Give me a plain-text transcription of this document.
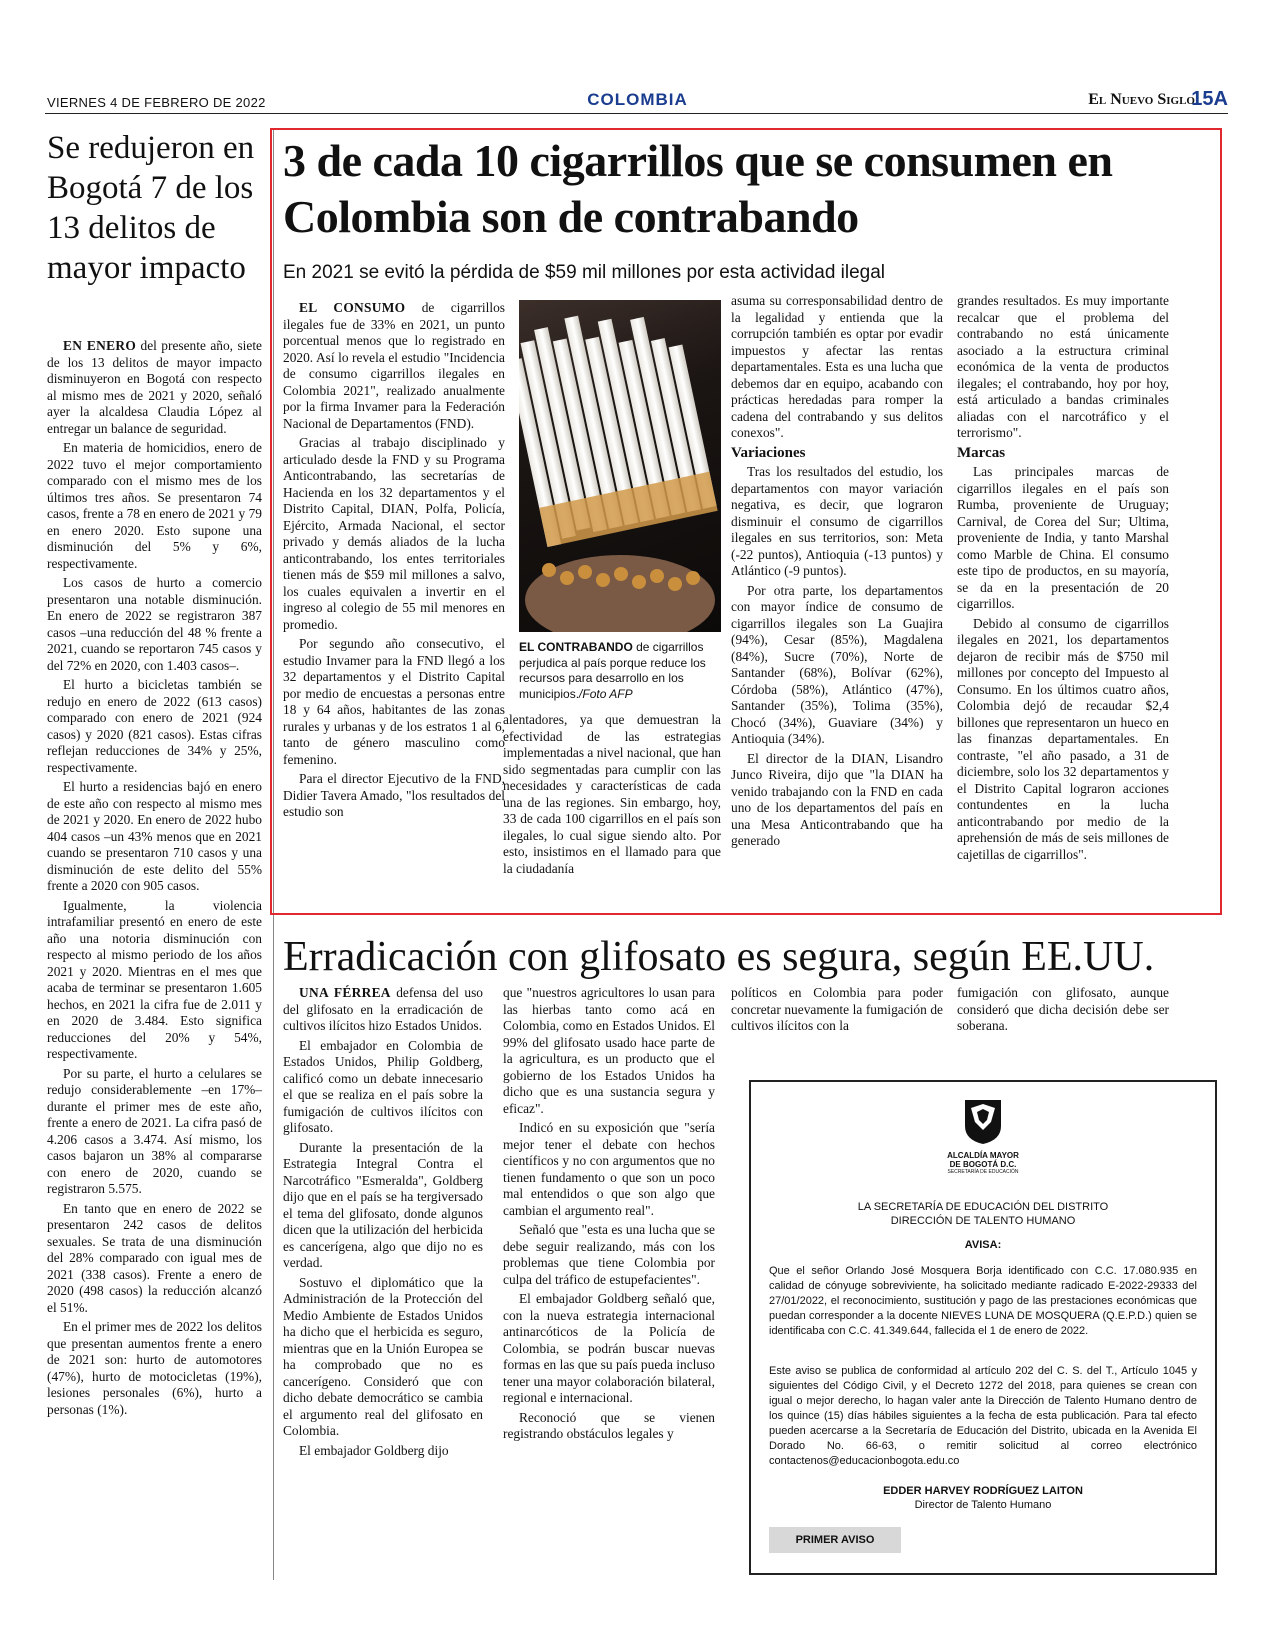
VIERNES 4 DE FEBRERO DE 2022	COLOMBIA	El Nuevo Siglo
15A
Se redujeron en Bogotá 7 de los 13 delitos de mayor impacto

EN ENERO del presente año, siete de los 13 delitos de mayor impacto disminuyeron en Bogotá con respecto al mismo mes de 2021 y 2020, señaló ayer la alcaldesa Claudia López al entregar un balance de seguridad.

En materia de homicidios, enero de 2022 tuvo el mejor comportamiento comparado con el mismo mes de los últimos tres años. Se presentaron 74 casos, frente a 78 en enero de 2021 y 79 en enero 2020. Esto supone una disminución del 5% y 6%, respectivamente.

Los casos de hurto a comercio presentaron una notable disminución. En enero de 2022 se registraron 387 casos –una reducción del 48 % frente a 2021, cuando se reportaron 745 casos y del 72% en 2020, con 1.403 casos–.

El hurto a bicicletas también se redujo en enero de 2022 (613 casos) comparado con enero de 2021 (924 casos) y 2020 (821 casos). Estas cifras reflejan reducciones de 34% y 25%, respectivamente.

El hurto a residencias bajó en enero de este año con respecto al mismo mes de 2021 y 2020. En enero de 2022 hubo 404 casos –un 43% menos que en 2021 cuando se presentaron 710 casos y una disminución de este delito del 55% frente a 2020 con 905 casos.

Igualmente, la violencia intrafamiliar presentó en enero de este año una notoria disminución con respecto al mismo periodo de los años 2021 y 2020. Mientras en el mes que acaba de terminar se presentaron 1.605 hechos, en 2021 la cifra fue de 2.011 y en 2020 de 3.484. Esto significa reducciones del 20% y 54%, respectivamente.

Por su parte, el hurto a celulares se redujo considerablemente –en 17%– durante el primer mes de este año, frente a enero de 2021. La cifra pasó de 4.206 casos a 3.474. Así mismo, los casos bajaron un 38% al compararse con enero de 2020, cuando se registraron 5.575.

En tanto que en enero de 2022 se presentaron 242 casos de delitos sexuales. Se trata de una disminución del 28% comparado con igual mes de 2021 (338 casos). Frente a enero de 2020 (498 casos) la reducción alcanzó el 51%.

En el primer mes de 2022 los delitos que presentan aumentos frente a enero de 2021 son: hurto de automotores (47%), hurto de motocicletas (19%), lesiones personales (6%), hurto a personas (1%).

3 de cada 10 cigarrillos que se consumen en Colombia son de contrabando
En 2021 se evitó la pérdida de $59 mil millones por esta actividad ilegal

EL CONSUMO de cigarrillos ilegales fue de 33% en 2021, un punto porcentual menos que lo registrado en 2020. Así lo revela el estudio "Incidencia de consumo cigarrillos ilegales en Colombia 2021", realizado anualmente por la firma Invamer para la Federación Nacional de Departamentos (FND).

Gracias al trabajo disciplinado y articulado desde la FND y su Programa Anticontrabando, las secretarías de Hacienda en los 32 departamentos y el Distrito Capital, DIAN, Polfa, Policía, Ejército, Armada Nacional, el sector privado y demás aliados de la lucha anticontrabando, los entes territoriales tienen más de $59 mil millones a salvo, los cuales equivalen a invertir en el ingreso al colegio de 55 mil menores en promedio.

Por segundo año consecutivo, el estudio Invamer para la FND llegó a los 32 departamentos y el Distrito Capital por medio de encuestas a personas entre 18 y 64 años, habitantes de las zonas rurales y urbanas y de los estratos 1 al 6, tanto de género masculino como femenino.

Para el director Ejecutivo de la FND, Didier Tavera Amado, "los resultados del estudio son

EL CONTRABANDO de cigarrillos perjudica al país porque reduce los recursos para desarrollo en los municipios./Foto AFP

alentadores, ya que demuestran la efectividad de las estrategias implementadas a nivel nacional, que han sido segmentadas para cumplir con las necesidades y características de cada una de las regiones. Sin embargo, hoy, 33 de cada 100 cigarrillos en el país son ilegales, lo cual sigue siendo alto. Por esto, insistimos en el llamado para que la ciudadanía

asuma su corresponsabilidad dentro de la legalidad y entienda que la corrupción también es optar por evadir impuestos y afectar las rentas departamentales. Esta es una lucha que debemos dar en equipo, acabando con prácticas heredadas para romper la cadena del contrabando y sus delitos conexos".

Variaciones

Tras los resultados del estudio, los departamentos con mayor variación negativa, es decir, que lograron disminuir el consumo de cigarrillos ilegales en sus territorios, son: Meta (-22 puntos), Antioquia (-13 puntos) y Atlántico (-9 puntos).

Por otra parte, los departamentos con mayor índice de consumo de cigarrillos ilegales son La Guajira (94%), Cesar (85%), Magdalena (84%), Sucre (70%), Norte de Santander (68%), Bolívar (62%), Córdoba (58%), Atlántico (47%), Santander (35%), Tolima (35%), Chocó (34%), Guaviare (34%) y Antioquia (34%).

El director de la DIAN, Lisandro Junco Riveira, dijo que "la DIAN ha venido trabajando con la FND en cada uno de los departamentos del país en una Mesa Anticontrabando que ha generado

grandes resultados. Es muy importante recalcar que el problema del contrabando no está únicamente asociado a la estructura criminal económica de la venta de productos ilegales; el contrabando, hoy por hoy, está articulado a bandas criminales aliadas con el narcotráfico y el terrorismo".

Marcas

Las principales marcas de cigarrillos ilegales en el país son Rumba, proveniente de Uruguay; Carnival, de Corea del Sur; Ultima, proveniente de India, y tanto Marshal como Marble de China. El consumo este tipo de productos, en su mayoría, se da en la presentación de 20 cigarrillos.

Debido al consumo de cigarrillos ilegales en 2021, los departamentos dejaron de recibir más de $750 mil millones por concepto del Impuesto al Consumo. En los últimos cuatro años, Colombia dejó de recaudar $2,4 billones que representaron un hueco en las finanzas departamentales. En contraste, "el año pasado, a 31 de diciembre, solo los 32 departamentos y el Distrito Capital lograron acciones contundentes en la lucha anticontrabando por medio de la aprehensión de más de seis millones de cajetillas de cigarrillos".

Erradicación con glifosato es segura, según EE.UU.

UNA FÉRREA defensa del uso del glifosato en la erradicación de cultivos ilícitos hizo Estados Unidos.

El embajador en Colombia de Estados Unidos, Philip Goldberg, calificó como un debate innecesario el que se realiza en el país sobre la fumigación de cultivos ilícitos con glifosato.

Durante la presentación de la Estrategia Integral Contra el Narcotráfico "Esmeralda", Goldberg dijo que en el país se ha tergiversado el tema del glifosato, donde algunos dicen que la utilización del herbicida es cancerígena, algo que dijo no es verdad.

Sostuvo el diplomático que la Administración de la Protección del Medio Ambiente de Estados Unidos ha dicho que el herbicida es seguro, mientras que en la Unión Europea se ha comprobado que no es cancerígeno. Consideró que con dicho debate democrático se cambia el argumento real del glifosato en Colombia.

El embajador Goldberg dijo

que "nuestros agricultores lo usan para las hierbas tanto como acá en Colombia, como en Estados Unidos. El 99% del glifosato usado hace parte de la agricultura, es un producto que el gobierno de los Estados Unidos ha dicho que es una sustancia segura y eficaz".

Indicó en su exposición que "sería mejor tener el debate con hechos científicos y no con argumentos que no tienen fundamento o que son un poco mal entendidos o que son algo que cambian el argumento real".

Señaló que "esta es una lucha que se debe seguir realizando, más con los problemas que tiene Colombia por culpa del tráfico de estupefacientes".

El embajador Goldberg señaló que, con la nueva estrategia internacional antinarcóticos de la Policía de Colombia, se podrán buscar nuevas formas en las que su país pueda incluso tener una mayor colaboración bilateral, regional e internacional.

Reconoció que se vienen registrando obstáculos legales y

políticos en Colombia para poder concretar nuevamente la fumigación de cultivos ilícitos con la

fumigación con glifosato, aunque consideró que dicha decisión debe ser soberana.

ALCALDÍA MAYOR
DE BOGOTÁ D.C.
SECRETARÍA DE EDUCACIÓN
LA SECRETARÍA DE EDUCACIÓN DEL DISTRITO
DIRECCIÓN DE TALENTO HUMANO
AVISA:
Que el señor Orlando José Mosquera Borja identificado con C.C. 17.080.935 en calidad de cónyuge sobreviviente, ha solicitado mediante radicado E-2022-29333 del 27/01/2022, el reconocimiento, sustitución y pago de las prestaciones económicas que puedan corresponder a la docente NIEVES LUNA DE MOSQUERA (Q.E.P.D.) quien se identificaba con C.C. 41.349.644, fallecida el 1 de enero de 2022.
Este aviso se publica de conformidad al artículo 202 del C. S. del T., Artículo 1045 y siguientes del Código Civil, y el Decreto 1272 del 2018, para quienes se crean con igual o mejor derecho, lo hagan valer ante la Dirección de Talento Humano dentro de los quince (15) días hábiles siguientes a la fecha de esta publicación. Para tal efecto pueden acercarse a la Secretaría de Educación del Distrito, ubicada en la Avenida El Dorado No. 66-63, o remitir solicitud al correo electrónico contactenos@educacionbogota.edu.co
EDDER HARVEY RODRÍGUEZ LAITON
Director de Talento Humano
PRIMER AVISO
